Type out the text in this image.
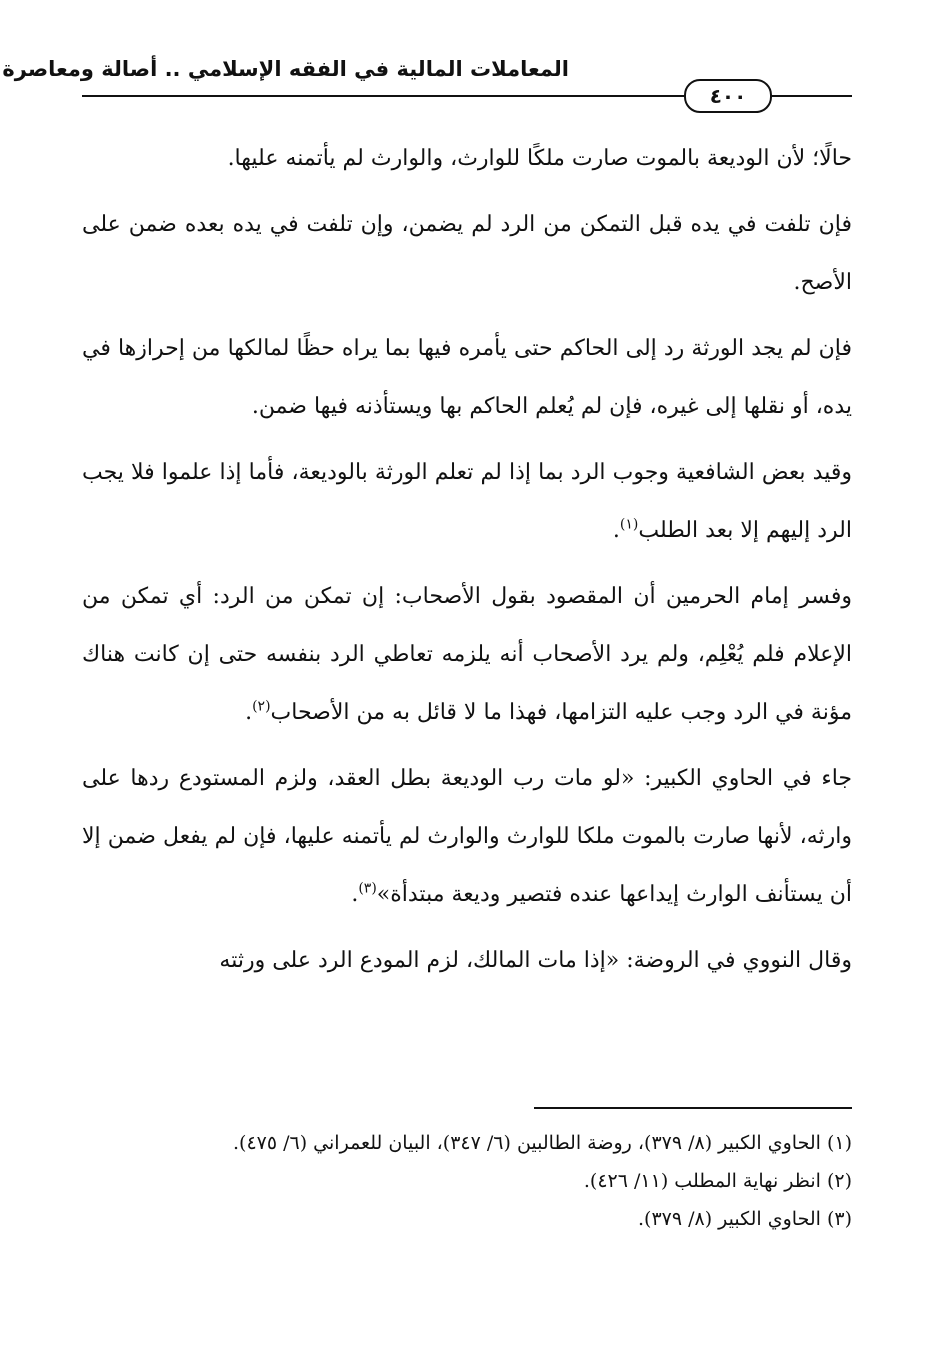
المعاملات المالية في الفقه الإسلامي .. أصالة ومعاصرة
٤٠٠

حالًا؛ لأن الوديعة بالموت صارت ملكًا للوارث، والوارث لم يأتمنه عليها.

فإن تلفت في يده قبل التمكن من الرد لم يضمن، وإن تلفت في يده بعده ضمن على الأصح.

فإن لم يجد الورثة رد إلى الحاكم حتى يأمره فيها بما يراه حظًا لمالكها من إحرازها في يده، أو نقلها إلى غيره، فإن لم يُعلم الحاكم بها ويستأذنه فيها ضمن.

وقيد بعض الشافعية وجوب الرد بما إذا لم تعلم الورثة بالوديعة، فأما إذا علموا فلا يجب الرد إليهم إلا بعد الطلب$^{(١)}$.

وفسر إمام الحرمين أن المقصود بقول الأصحاب: إن تمكن من الرد: أي تمكن من الإعلام فلم يُعْلِم، ولم يرد الأصحاب أنه يلزمه تعاطي الرد بنفسه حتى إن كانت هناك مؤنة في الرد وجب عليه التزامها، فهذا ما لا قائل به من الأصحاب$^{(٢)}$.

جاء في الحاوي الكبير: «لو مات رب الوديعة بطل العقد، ولزم المستودع ردها على وارثه، لأنها صارت بالموت ملكا للوارث والوارث لم يأتمنه عليها، فإن لم يفعل ضمن إلا أن يستأنف الوارث إيداعها عنده فتصير وديعة مبتدأة»$^{(٣)}$.

وقال النووي في الروضة: «إذا مات المالك، لزم المودع الرد على ورثته

(١) الحاوي الكبير (٨/ ٣٧٩)، روضة الطالبين (٦/ ٣٤٧)، البيان للعمراني (٦/ ٤٧٥).

(٢) انظر نهاية المطلب (١١/ ٤٢٦).

(٣) الحاوي الكبير (٨/ ٣٧٩).
